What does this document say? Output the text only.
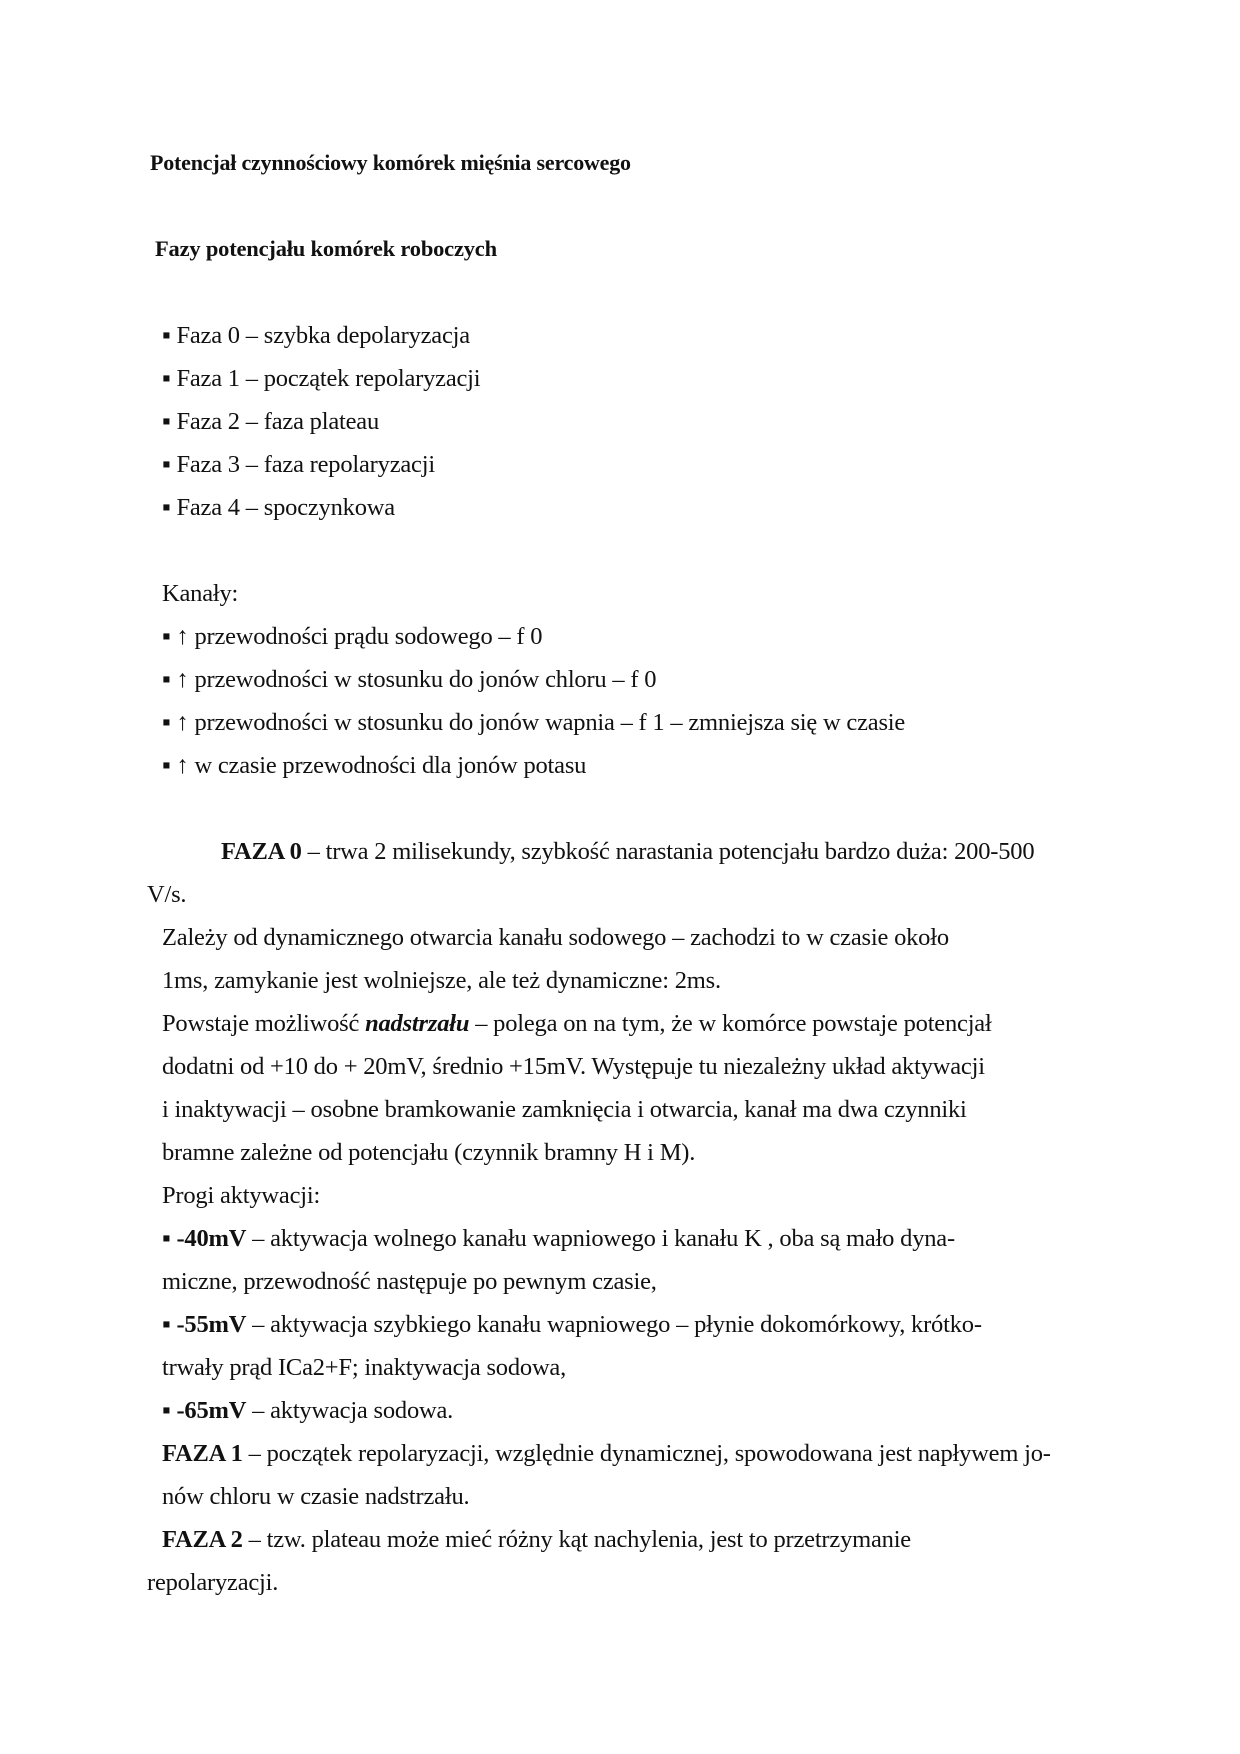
Potencjał czynnościowy komórek mięśnia sercowego

Fazy potencjału komórek roboczych

▪ Faza 0 – szybka depolaryzacja

▪ Faza 1 – początek repolaryzacji

▪ Faza 2 – faza plateau

▪ Faza 3 – faza repolaryzacji

▪ Faza 4 – spoczynkowa

Kanały:

▪ ↑ przewodności prądu sodowego – f 0

▪ ↑ przewodności w stosunku do jonów chloru – f 0

▪ ↑ przewodności w stosunku do jonów wapnia – f 1 – zmniejsza się w czasie

▪ ↑ w czasie przewodności dla jonów potasu

FAZA 0 – trwa 2 milisekundy, szybkość narastania potencjału bardzo duża: 200-500

V/s.

Zależy od dynamicznego otwarcia kanału sodowego – zachodzi to w czasie około

1ms, zamykanie jest wolniejsze, ale też dynamiczne: 2ms.

Powstaje możliwość nadstrzału – polega on na tym, że w komórce powstaje potencjał

dodatni od +10 do + 20mV, średnio +15mV. Występuje tu niezależny układ aktywacji

i inaktywacji – osobne bramkowanie zamknięcia i otwarcia, kanał ma dwa czynniki

bramne zależne od potencjału (czynnik bramny H i M).

Progi aktywacji:

▪ -40mV – aktywacja wolnego kanału wapniowego i kanału K , oba są mało dyna-

miczne, przewodność następuje po pewnym czasie,

▪ -55mV – aktywacja szybkiego kanału wapniowego – płynie dokomórkowy, krótko-

trwały prąd ICa2+F; inaktywacja sodowa,

▪ -65mV – aktywacja sodowa.

FAZA 1 – początek repolaryzacji, względnie dynamicznej, spowodowana jest napływem jo-

nów chloru w czasie nadstrzału.

FAZA 2 – tzw. plateau może mieć różny kąt nachylenia, jest to przetrzymanie

repolaryzacji.
